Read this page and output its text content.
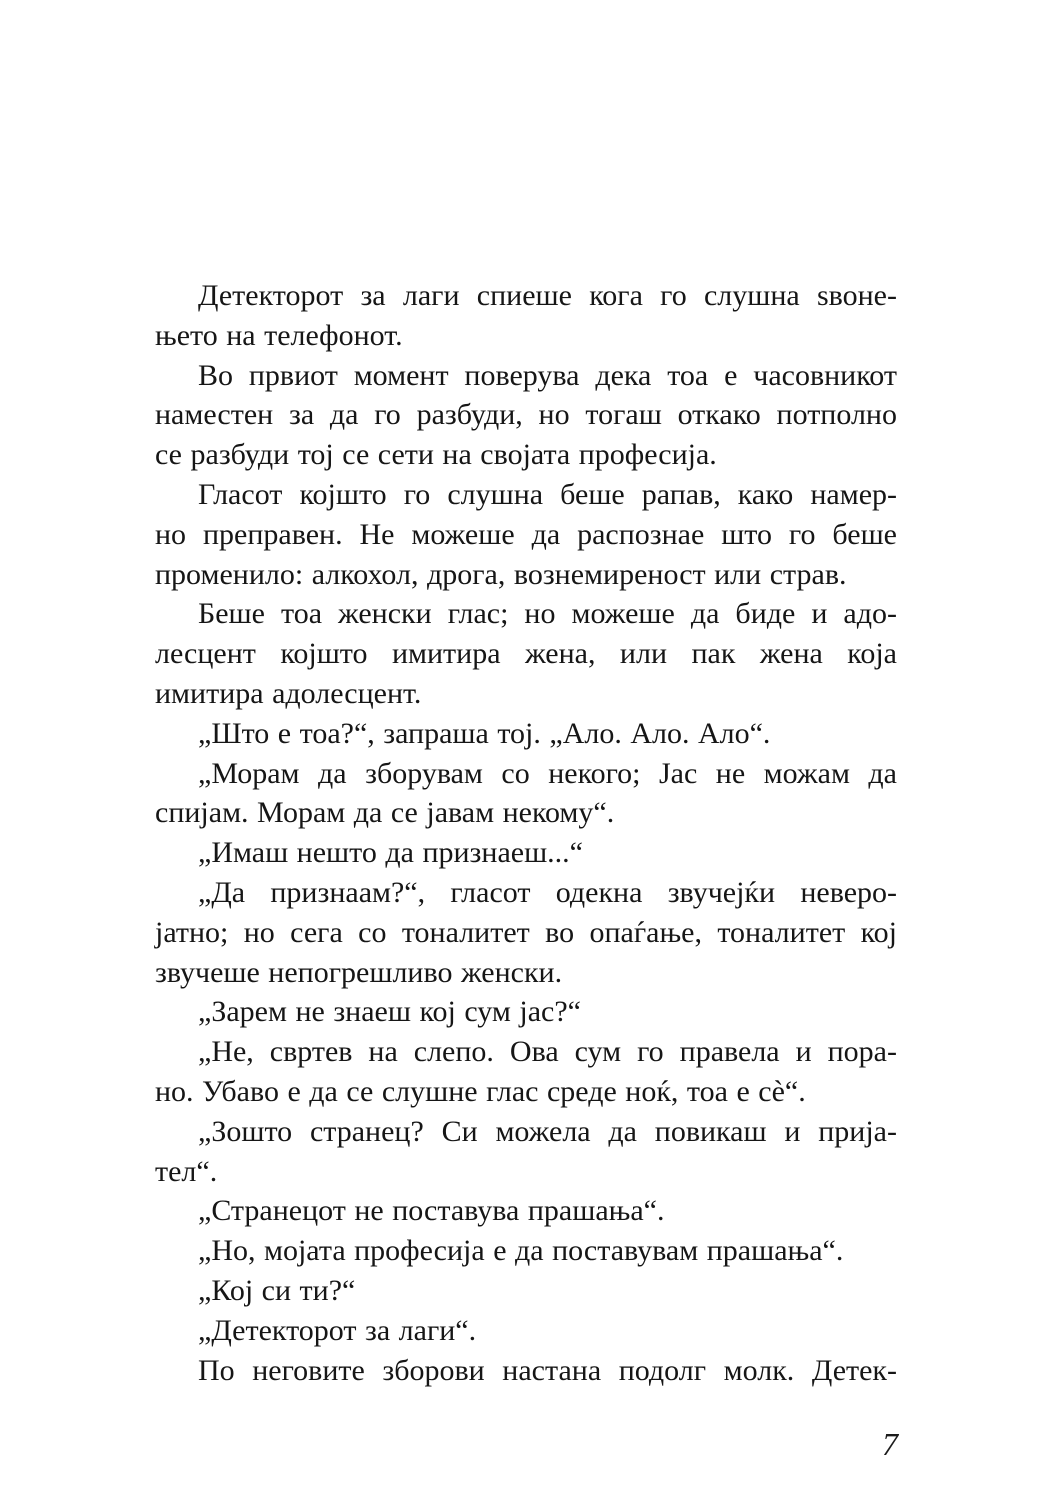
Детекторот за лаги спиеше кога го слушна ѕвоне-
њето на телефонот.
Во првиот момент поверува дека тоа е часовникот
наместен за да го разбуди, но тогаш откако потполно
се разбуди тој се сети на својата професија.
Гласот којшто го слушна беше рапав, како намер-
но преправен. Не можеше да распознае што го беше
променило: алкохол, дрога, вознемиреност или страв.
Беше тоа женски глас; но можеше да биде и адо-
лесцент којшто имитира жена, или пак жена која
имитира адолесцент.
„Што е тоа?“, запраша тој. „Ало. Ало. Ало“.
„Морам да зборувам со некого; Јас не можам да
спијам. Морам да се јавам некому“.
„Имаш нешто да признаеш...“
„Да признаам?“, гласот одекна звучејќи неверо-
јатно; но сега со тоналитет во опаѓање, тоналитет кој
звучеше непогрешливо женски.
„Зарем не знаеш кој сум јас?“
„Не, свртев на слепо. Ова сум го правела и пора-
но. Убаво е да се слушне глас среде ноќ, тоа е сè“.
„Зошто странец? Си можела да повикаш и прија-
тел“.
„Странецот не поставува прашања“.
„Но, мојата професија е да поставувам прашања“.
„Кој си ти?“
„Детекторот за лаги“.
По неговите зборови настана подолг молк. Детек-
7
